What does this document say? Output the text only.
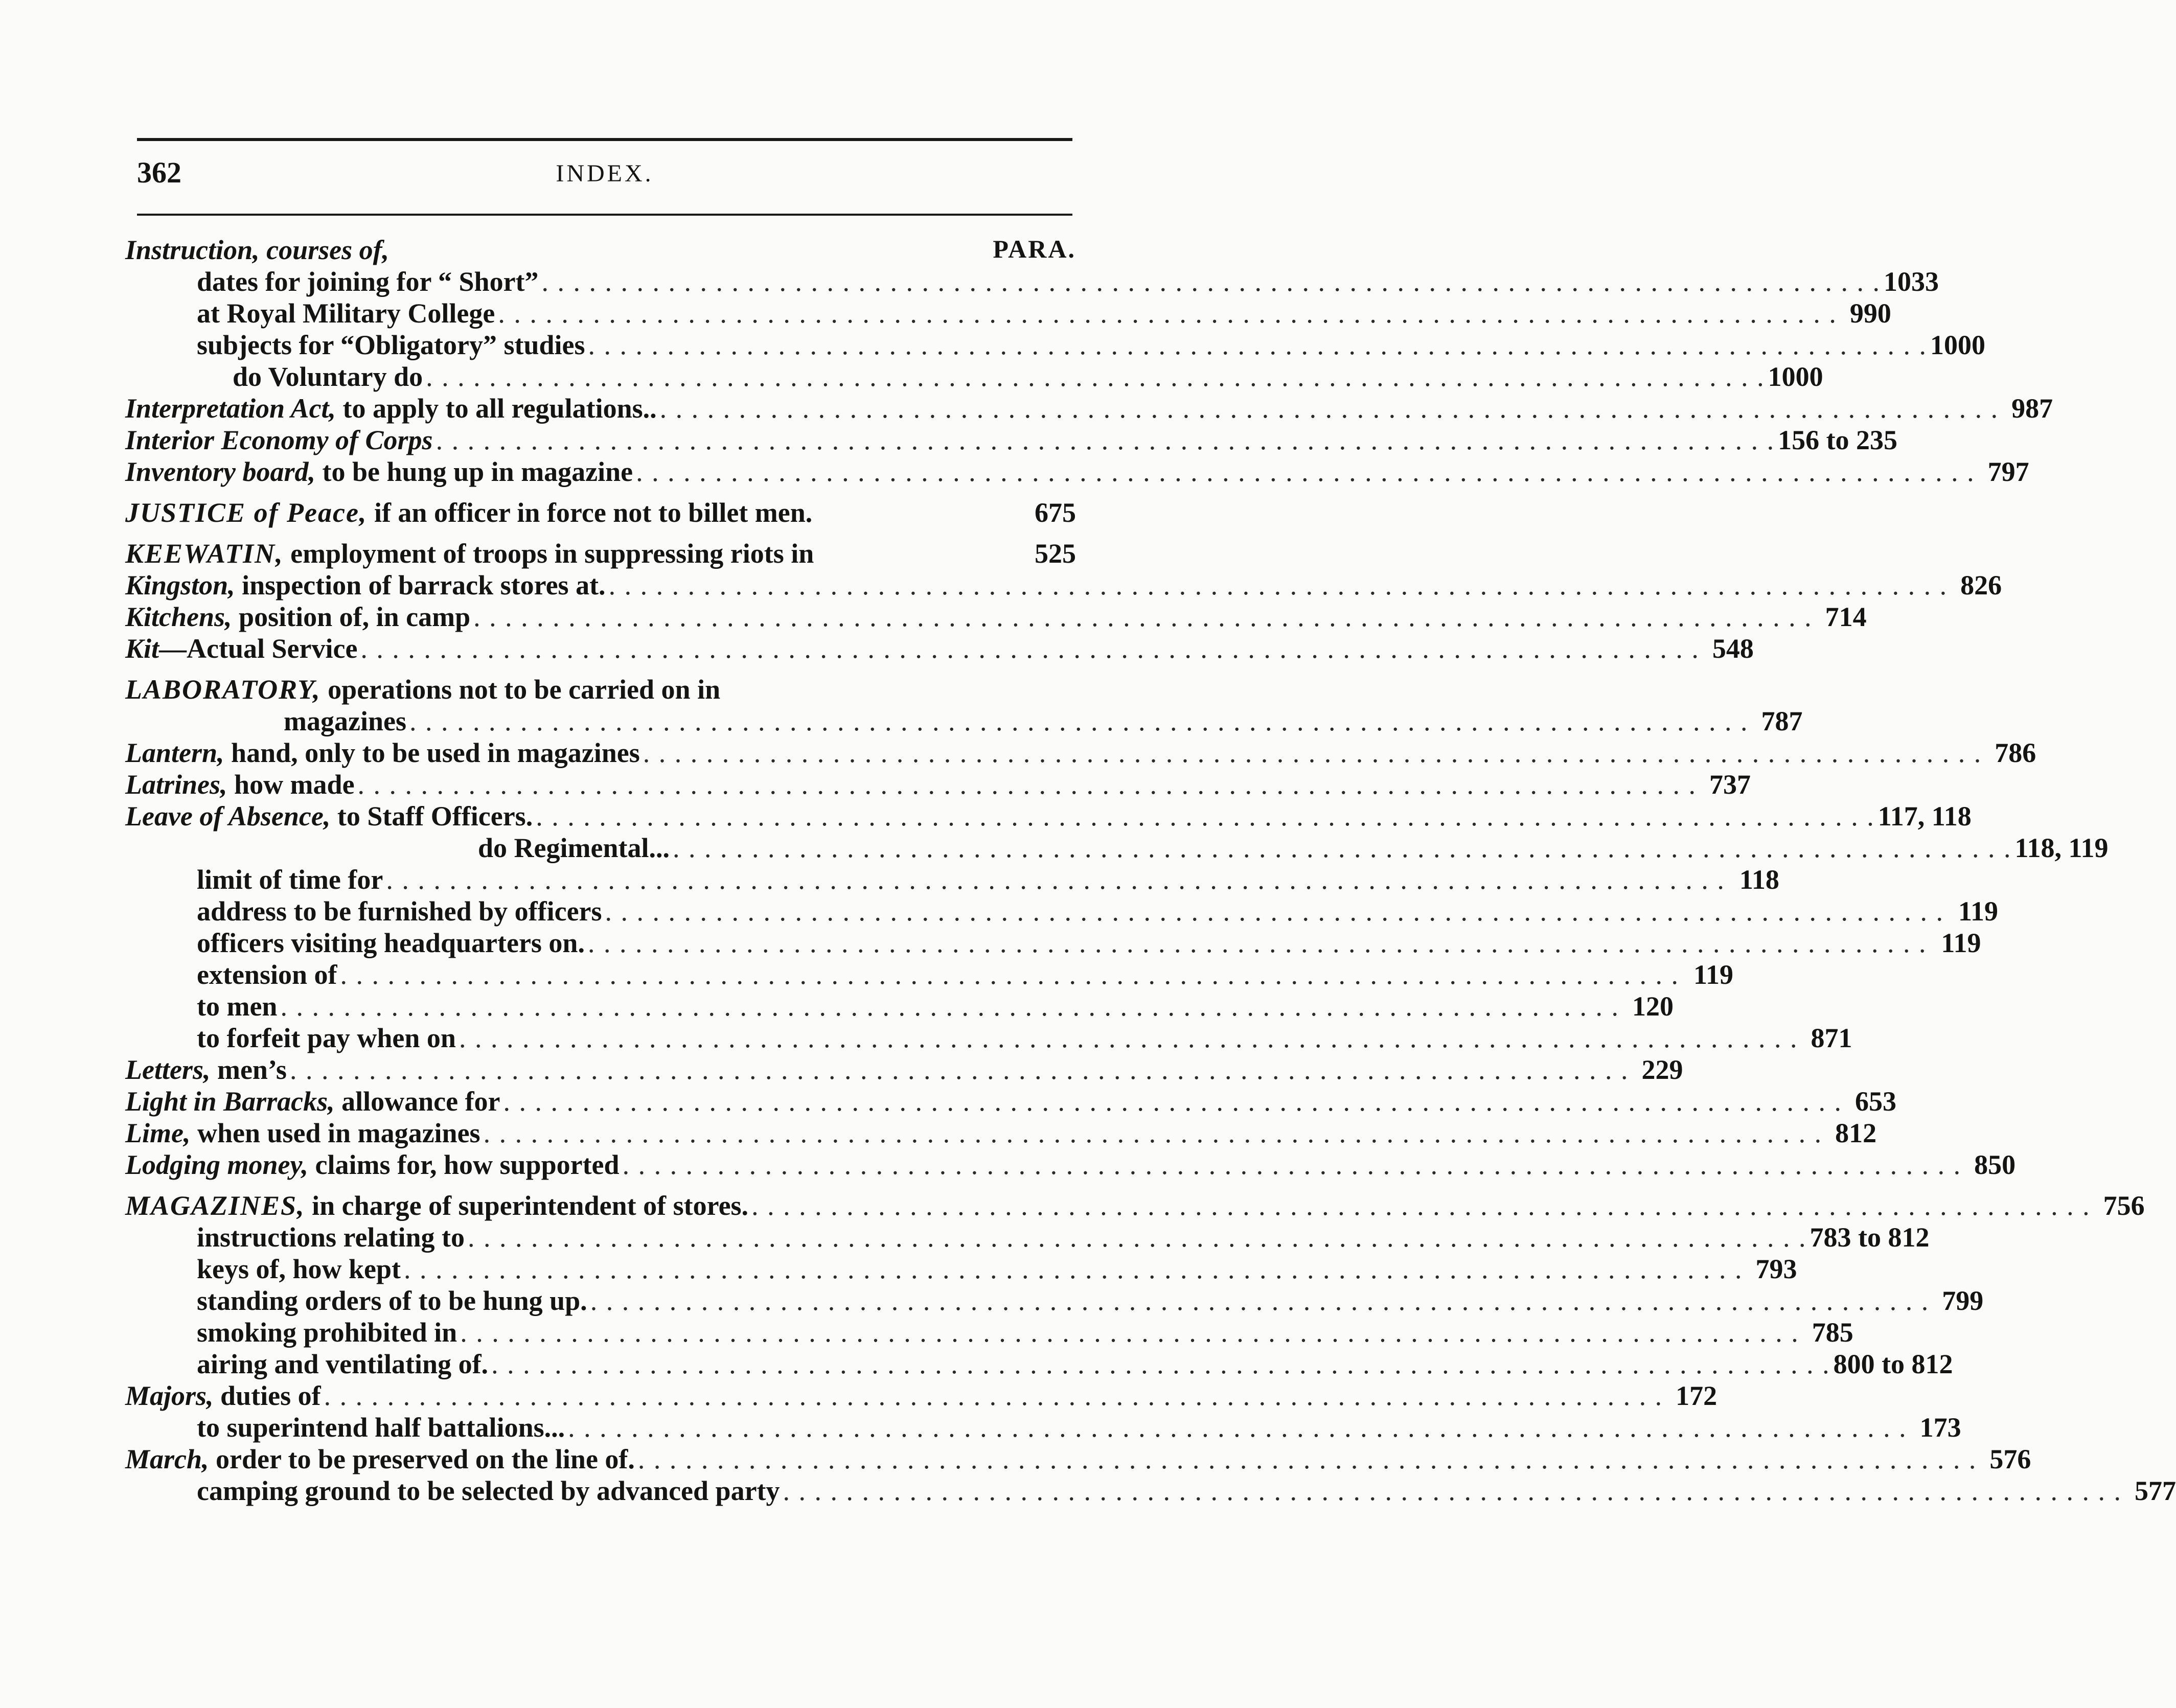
362	INDEX.
PARA.
Instruction, courses of,
dates for joining for “ Short” . . . . . . . . . . . . . . . . . . . . . . . . . . . . . . . . . . . . . . . . . . . . . . . . . . . . . . . . . . . . . . . . . . . . . . . . . . . . . . . . . . . . . 1033
at Royal Military College . . . . . . . . . . . . . . . . . . . . . . . . . . . . . . . . . . . . . . . . . . . . . . . . . . . . . . . . . . . . . . . . . . . . . . . . . . . . . . . . . . . . . 990
subjects for “Obligatory” studies . . . . . . . . . . . . . . . . . . . . . . . . . . . . . . . . . . . . . . . . . . . . . . . . . . . . . . . . . . . . . . . . . . . . . . . . . . . . . . . . . . . . . 1000
do Voluntary do . . . . . . . . . . . . . . . . . . . . . . . . . . . . . . . . . . . . . . . . . . . . . . . . . . . . . . . . . . . . . . . . . . . . . . . . . . . . . . . . . . . . . 1000
Interpretation Act, to apply to all regulations.. . . . . . . . . . . . . . . . . . . . . . . . . . . . . . . . . . . . . . . . . . . . . . . . . . . . . . . . . . . . . . . . . . . . . . . . . . . . . . . . . . . . . . 987
Interior Economy of Corps . . . . . . . . . . . . . . . . . . . . . . . . . . . . . . . . . . . . . . . . . . . . . . . . . . . . . . . . . . . . . . . . . . . . . . . . . . . . . . . . . . . . . 156 to 235
Inventory board, to be hung up in magazine . . . . . . . . . . . . . . . . . . . . . . . . . . . . . . . . . . . . . . . . . . . . . . . . . . . . . . . . . . . . . . . . . . . . . . . . . . . . . . . . . . . . . 797
JUSTICE of Peace, if an officer in force not to billet men.	675
KEEWATIN, employment of troops in suppressing riots in	525
Kingston, inspection of barrack stores at. . . . . . . . . . . . . . . . . . . . . . . . . . . . . . . . . . . . . . . . . . . . . . . . . . . . . . . . . . . . . . . . . . . . . . . . . . . . . . . . . . . . . . 826
Kitchens, position of, in camp . . . . . . . . . . . . . . . . . . . . . . . . . . . . . . . . . . . . . . . . . . . . . . . . . . . . . . . . . . . . . . . . . . . . . . . . . . . . . . . . . . . . . 714
Kit—Actual Service . . . . . . . . . . . . . . . . . . . . . . . . . . . . . . . . . . . . . . . . . . . . . . . . . . . . . . . . . . . . . . . . . . . . . . . . . . . . . . . . . . . . . 548
LABORATORY, operations not to be carried on in
magazines . . . . . . . . . . . . . . . . . . . . . . . . . . . . . . . . . . . . . . . . . . . . . . . . . . . . . . . . . . . . . . . . . . . . . . . . . . . . . . . . . . . . . 787
Lantern, hand, only to be used in magazines . . . . . . . . . . . . . . . . . . . . . . . . . . . . . . . . . . . . . . . . . . . . . . . . . . . . . . . . . . . . . . . . . . . . . . . . . . . . . . . . . . . . . 786
Latrines, how made . . . . . . . . . . . . . . . . . . . . . . . . . . . . . . . . . . . . . . . . . . . . . . . . . . . . . . . . . . . . . . . . . . . . . . . . . . . . . . . . . . . . . 737
Leave of Absence, to Staff Officers. . . . . . . . . . . . . . . . . . . . . . . . . . . . . . . . . . . . . . . . . . . . . . . . . . . . . . . . . . . . . . . . . . . . . . . . . . . . . . . . . . . . . . 117, 118
do Regimental... . . . . . . . . . . . . . . . . . . . . . . . . . . . . . . . . . . . . . . . . . . . . . . . . . . . . . . . . . . . . . . . . . . . . . . . . . . . . . . . . . . . . . 118, 119
limit of time for . . . . . . . . . . . . . . . . . . . . . . . . . . . . . . . . . . . . . . . . . . . . . . . . . . . . . . . . . . . . . . . . . . . . . . . . . . . . . . . . . . . . . 118
address to be furnished by officers . . . . . . . . . . . . . . . . . . . . . . . . . . . . . . . . . . . . . . . . . . . . . . . . . . . . . . . . . . . . . . . . . . . . . . . . . . . . . . . . . . . . . 119
officers visiting headquarters on. . . . . . . . . . . . . . . . . . . . . . . . . . . . . . . . . . . . . . . . . . . . . . . . . . . . . . . . . . . . . . . . . . . . . . . . . . . . . . . . . . . . . . 119
extension of . . . . . . . . . . . . . . . . . . . . . . . . . . . . . . . . . . . . . . . . . . . . . . . . . . . . . . . . . . . . . . . . . . . . . . . . . . . . . . . . . . . . . 119
to men . . . . . . . . . . . . . . . . . . . . . . . . . . . . . . . . . . . . . . . . . . . . . . . . . . . . . . . . . . . . . . . . . . . . . . . . . . . . . . . . . . . . . 120
to forfeit pay when on . . . . . . . . . . . . . . . . . . . . . . . . . . . . . . . . . . . . . . . . . . . . . . . . . . . . . . . . . . . . . . . . . . . . . . . . . . . . . . . . . . . . . 871
Letters, men’s . . . . . . . . . . . . . . . . . . . . . . . . . . . . . . . . . . . . . . . . . . . . . . . . . . . . . . . . . . . . . . . . . . . . . . . . . . . . . . . . . . . . . 229
Light in Barracks, allowance for . . . . . . . . . . . . . . . . . . . . . . . . . . . . . . . . . . . . . . . . . . . . . . . . . . . . . . . . . . . . . . . . . . . . . . . . . . . . . . . . . . . . . 653
Lime, when used in magazines . . . . . . . . . . . . . . . . . . . . . . . . . . . . . . . . . . . . . . . . . . . . . . . . . . . . . . . . . . . . . . . . . . . . . . . . . . . . . . . . . . . . . 812
Lodging money, claims for, how supported . . . . . . . . . . . . . . . . . . . . . . . . . . . . . . . . . . . . . . . . . . . . . . . . . . . . . . . . . . . . . . . . . . . . . . . . . . . . . . . . . . . . . 850
MAGAZINES, in charge of superintendent of stores. . . . . . . . . . . . . . . . . . . . . . . . . . . . . . . . . . . . . . . . . . . . . . . . . . . . . . . . . . . . . . . . . . . . . . . . . . . . . . . . . . . . . . 756
instructions relating to . . . . . . . . . . . . . . . . . . . . . . . . . . . . . . . . . . . . . . . . . . . . . . . . . . . . . . . . . . . . . . . . . . . . . . . . . . . . . . . . . . . . . 783 to 812
keys of, how kept . . . . . . . . . . . . . . . . . . . . . . . . . . . . . . . . . . . . . . . . . . . . . . . . . . . . . . . . . . . . . . . . . . . . . . . . . . . . . . . . . . . . . 793
standing orders of to be hung up. . . . . . . . . . . . . . . . . . . . . . . . . . . . . . . . . . . . . . . . . . . . . . . . . . . . . . . . . . . . . . . . . . . . . . . . . . . . . . . . . . . . . . 799
smoking prohibited in . . . . . . . . . . . . . . . . . . . . . . . . . . . . . . . . . . . . . . . . . . . . . . . . . . . . . . . . . . . . . . . . . . . . . . . . . . . . . . . . . . . . . 785
airing and ventilating of. . . . . . . . . . . . . . . . . . . . . . . . . . . . . . . . . . . . . . . . . . . . . . . . . . . . . . . . . . . . . . . . . . . . . . . . . . . . . . . . . . . . . . 800 to 812
Majors, duties of . . . . . . . . . . . . . . . . . . . . . . . . . . . . . . . . . . . . . . . . . . . . . . . . . . . . . . . . . . . . . . . . . . . . . . . . . . . . . . . . . . . . . 172
to superintend half battalions... . . . . . . . . . . . . . . . . . . . . . . . . . . . . . . . . . . . . . . . . . . . . . . . . . . . . . . . . . . . . . . . . . . . . . . . . . . . . . . . . . . . . . 173
March, order to be preserved on the line of. . . . . . . . . . . . . . . . . . . . . . . . . . . . . . . . . . . . . . . . . . . . . . . . . . . . . . . . . . . . . . . . . . . . . . . . . . . . . . . . . . . . . . 576
camping ground to be selected by advanced party . . . . . . . . . . . . . . . . . . . . . . . . . . . . . . . . . . . . . . . . . . . . . . . . . . . . . . . . . . . . . . . . . . . . . . . . . . . . . . . . . . . . . 577
